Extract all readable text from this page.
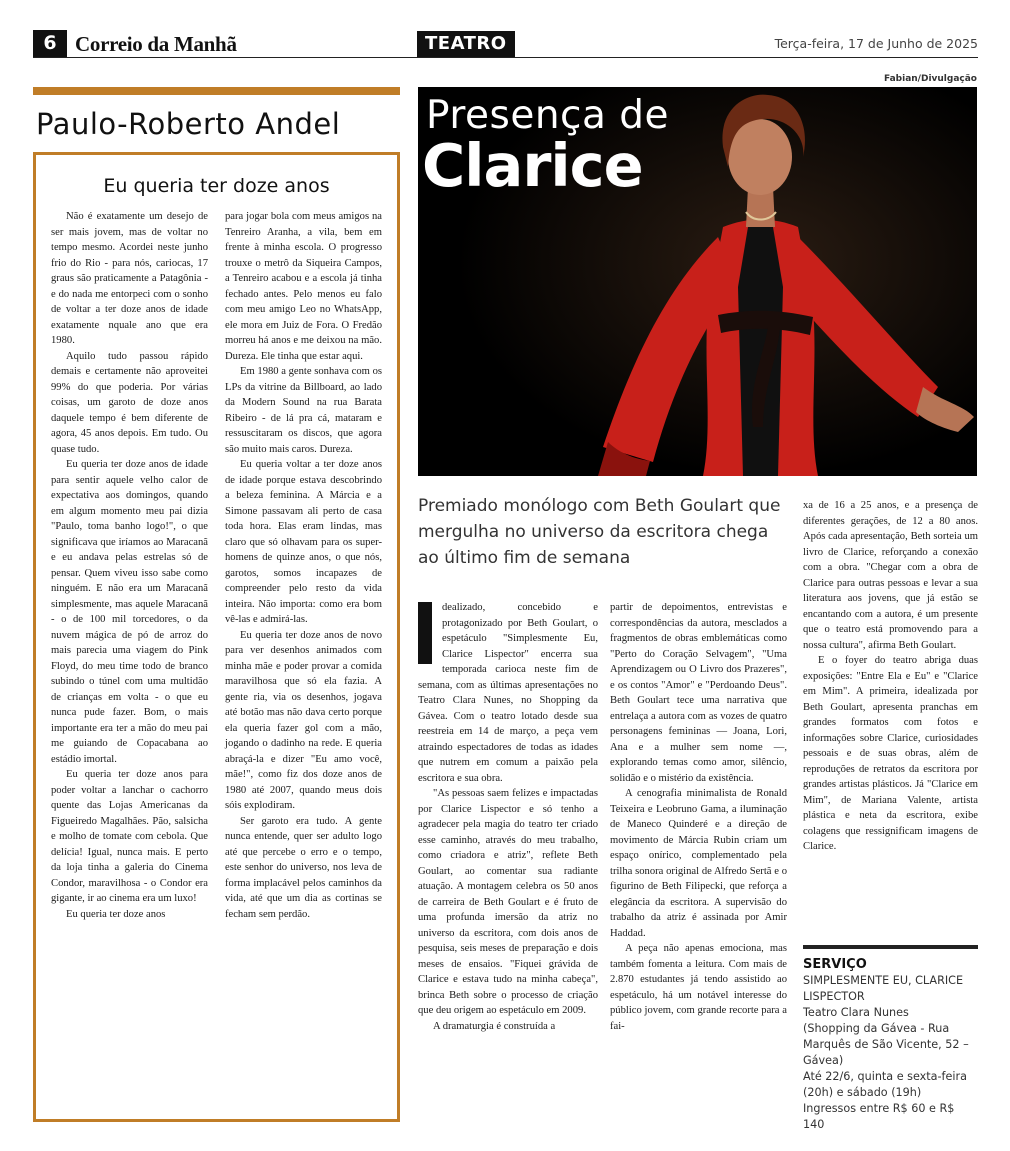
6 Correio da Manhã	TEATRO	Terça-feira, 17 de Junho de 2025
Paulo-Roberto Andel
Eu queria ter doze anos

Não é exatamente um desejo de ser mais jovem, mas de voltar no tempo mesmo. Acordei neste junho frio do Rio - para nós, cariocas, 17 graus são praticamente a Patagônia - e do nada me entorpeci com o sonho de voltar a ter doze anos de idade exatamente nquale ano que era 1980.

Aquilo tudo passou rápido demais e certamente não aproveitei 99% do que poderia. Por várias coisas, um garoto de doze anos daquele tempo é bem diferente de agora, 45 anos depois. Em tudo. Ou quase tudo.

Eu queria ter doze anos de idade para sentir aquele velho calor de expectativa aos domingos, quando em algum momento meu pai dizia "Paulo, toma banho logo!", o que significava que iríamos ao Maracanã e eu andava pelas estrelas só de pensar. Quem viveu isso sabe como ninguém. E não era um Maracanã simplesmente, mas aquele Maracanã - o de 100 mil torcedores, o da nuvem mágica de pó de arroz do mais parecia uma viagem do Pink Floyd, do meu time todo de branco subindo o túnel com uma multidão de crianças em volta - o que eu nunca pude fazer. Bom, o mais importante era ter a mão do meu pai me guiando de Copacabana ao estádio imortal.

Eu queria ter doze anos para poder voltar a lanchar o cachorro quente das Lojas Americanas da Figueiredo Magalhães. Pão, salsicha e molho de tomate com cebola. Que delícia! Igual, nunca mais. E perto da loja tinha a galeria do Cinema Condor, maravilhosa - o Condor era gigante, ir ao cinema era um luxo!

Eu queria ter doze anos

para jogar bola com meus amigos na Tenreiro Aranha, a vila, bem em frente à minha escola. O progresso trouxe o metrô da Siqueira Campos, a Tenreiro acabou e a escola já tinha fechado antes. Pelo menos eu falo com meu amigo Leo no WhatsApp, ele mora em Juiz de Fora. O Fredão morreu há anos e me deixou na mão. Dureza. Ele tinha que estar aqui.

Em 1980 a gente sonhava com os LPs da vitrine da Billboard, ao lado da Modern Sound na rua Barata Ribeiro - de lá pra cá, mataram e ressuscitaram os discos, que agora são muito mais caros. Dureza.

Eu queria voltar a ter doze anos de idade porque estava descobrindo a beleza feminina. A Márcia e a Simone passavam ali perto de casa toda hora. Elas eram lindas, mas claro que só olhavam para os super-homens de quinze anos, o que nós, garotos, somos incapazes de compreender pelo resto da vida inteira. Não importa: como era bom vê-las e admirá-las.

Eu queria ter doze anos de novo para ver desenhos animados com minha mãe e poder provar a comida maravilhosa que só ela fazia. A gente ria, via os desenhos, jogava até botão mas não dava certo porque ela queria fazer gol com a mão, jogando o dadinho na rede. E queria abraçá-la e dizer "Eu amo você, mãe!", como fiz dos doze anos de 1980 até 2007, quando meus dois sóis explodiram.

Ser garoto era tudo. A gente nunca entende, quer ser adulto logo até que percebe o erro e o tempo, este senhor do universo, nos leva de forma implacável pelos caminhos da vida, até que um dia as cortinas se fecham sem perdão.

Fabian/Divulgação
Presença de
Clarice
Premiado monólogo com Beth Goulart que mergulha no universo da escritora chega ao último fim de semana

dealizado, concebido e protagonizado por Beth Goulart, o espetáculo "Simplesmente Eu, Clarice Lispector" encerra sua temporada carioca neste fim de semana, com as últimas apresentações no Teatro Clara Nunes, no Shopping da Gávea. Com o teatro lotado desde sua reestreia em 14 de março, a peça vem atraindo espectadores de todas as idades que nutrem em comum a paixão pela escritora e sua obra.

"As pessoas saem felizes e impactadas por Clarice Lispector e só tenho a agradecer pela magia do teatro ter criado esse caminho, através do meu trabalho, como criadora e atriz", reflete Beth Goulart, ao comentar sua radiante atuação. A montagem celebra os 50 anos de carreira de Beth Goulart e é fruto de uma profunda imersão da atriz no universo da escritora, com dois anos de pesquisa, seis meses de preparação e dois meses de ensaios. "Fiquei grávida de Clarice e estava tudo na minha cabeça", brinca Beth sobre o processo de criação que deu origem ao espetáculo em 2009.

A dramaturgia é construída a

partir de depoimentos, entrevistas e correspondências da autora, mesclados a fragmentos de obras emblemáticas como "Perto do Coração Selvagem", "Uma Aprendizagem ou O Livro dos Prazeres", e os contos "Amor" e "Perdoando Deus". Beth Goulart tece uma narrativa que entrelaça a autora com as vozes de quatro personagens femininas — Joana, Lori, Ana e a mulher sem nome —, explorando temas como amor, silêncio, solidão e o mistério da existência.

A cenografia minimalista de Ronald Teixeira e Leobruno Gama, a iluminação de Maneco Quinderé e a direção de movimento de Márcia Rubin criam um espaço onírico, complementado pela trilha sonora original de Alfredo Sertã e o figurino de Beth Filipecki, que reforça a elegância da escritora. A supervisão do trabalho da atriz é assinada por Amir Haddad.

A peça não apenas emociona, mas também fomenta a leitura. Com mais de 2.870 estudantes já tendo assistido ao espetáculo, há um notável interesse do público jovem, com grande recorte para a fai-

xa de 16 a 25 anos, e a presença de diferentes gerações, de 12 a 80 anos. Após cada apresentação, Beth sorteia um livro de Clarice, reforçando a conexão com a obra. "Chegar com a obra de Clarice para outras pessoas e levar a sua literatura aos jovens, que já estão se encantando com a autora, é um presente que o teatro está promovendo para a nossa cultura", afirma Beth Goulart.

E o foyer do teatro abriga duas exposições: "Entre Ela e Eu" e "Clarice em Mim". A primeira, idealizada por Beth Goulart, apresenta pranchas em grandes formatos com fotos e informações sobre Clarice, curiosidades pessoais e de suas obras, além de reproduções de retratos da escritora por grandes artistas plásticos. Já "Clarice em Mim", de Mariana Valente, artista plástica e neta da escritora, exibe colagens que ressignificam imagens de Clarice.

SERVIÇO
SIMPLESMENTE EU, CLARICE LISPECTOR
Teatro Clara Nunes
(Shopping da Gávea - Rua Marquês de São Vicente, 52 – Gávea)
Até 22/6, quinta e sexta-feira (20h) e sábado (19h)
Ingressos entre R$ 60 e R$ 140
